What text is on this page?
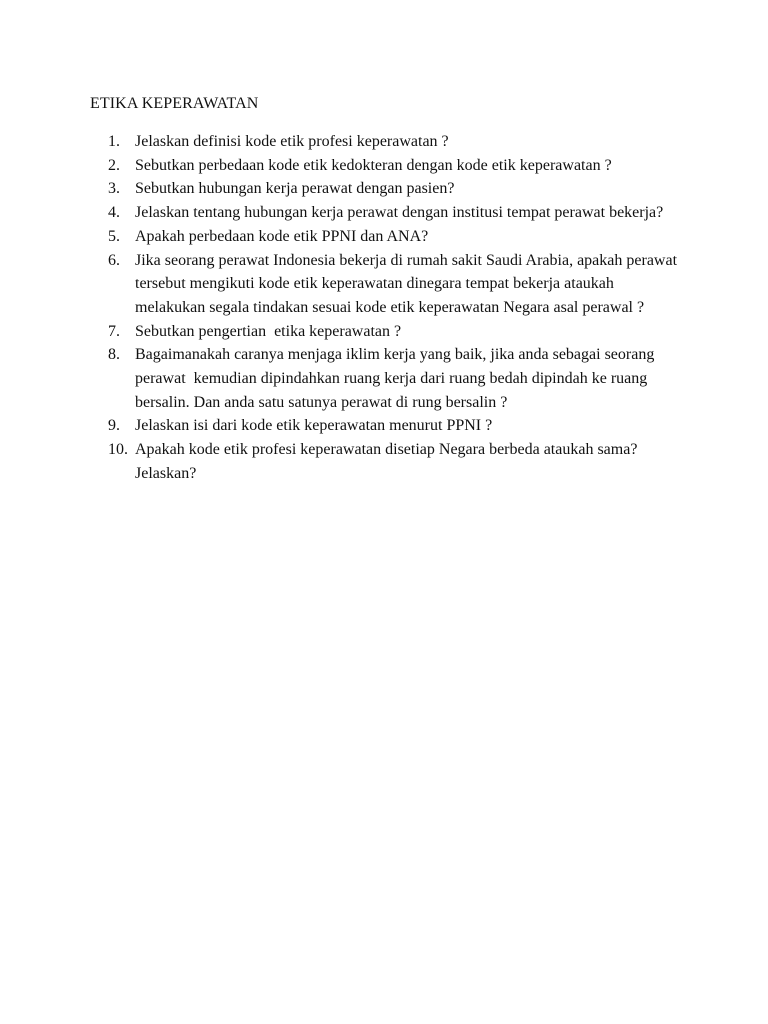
ETIKA KEPERAWATAN
1. Jelaskan definisi kode etik profesi keperawatan ?
2. Sebutkan perbedaan kode etik kedokteran dengan kode etik keperawatan ?
3. Sebutkan hubungan kerja perawat dengan pasien?
4. Jelaskan tentang hubungan kerja perawat dengan institusi tempat perawat bekerja?
5. Apakah perbedaan kode etik PPNI dan ANA?
6. Jika seorang perawat Indonesia bekerja di rumah sakit Saudi Arabia, apakah perawat tersebut mengikuti kode etik keperawatan dinegara tempat bekerja ataukah melakukan segala tindakan sesuai kode etik keperawatan Negara asal perawal ?
7. Sebutkan pengertian  etika keperawatan ?
8. Bagaimanakah caranya menjaga iklim kerja yang baik, jika anda sebagai seorang perawat  kemudian dipindahkan ruang kerja dari ruang bedah dipindah ke ruang bersalin. Dan anda satu satunya perawat di rung bersalin ?
9. Jelaskan isi dari kode etik keperawatan menurut PPNI ?
10. Apakah kode etik profesi keperawatan disetiap Negara berbeda ataukah sama? Jelaskan?
